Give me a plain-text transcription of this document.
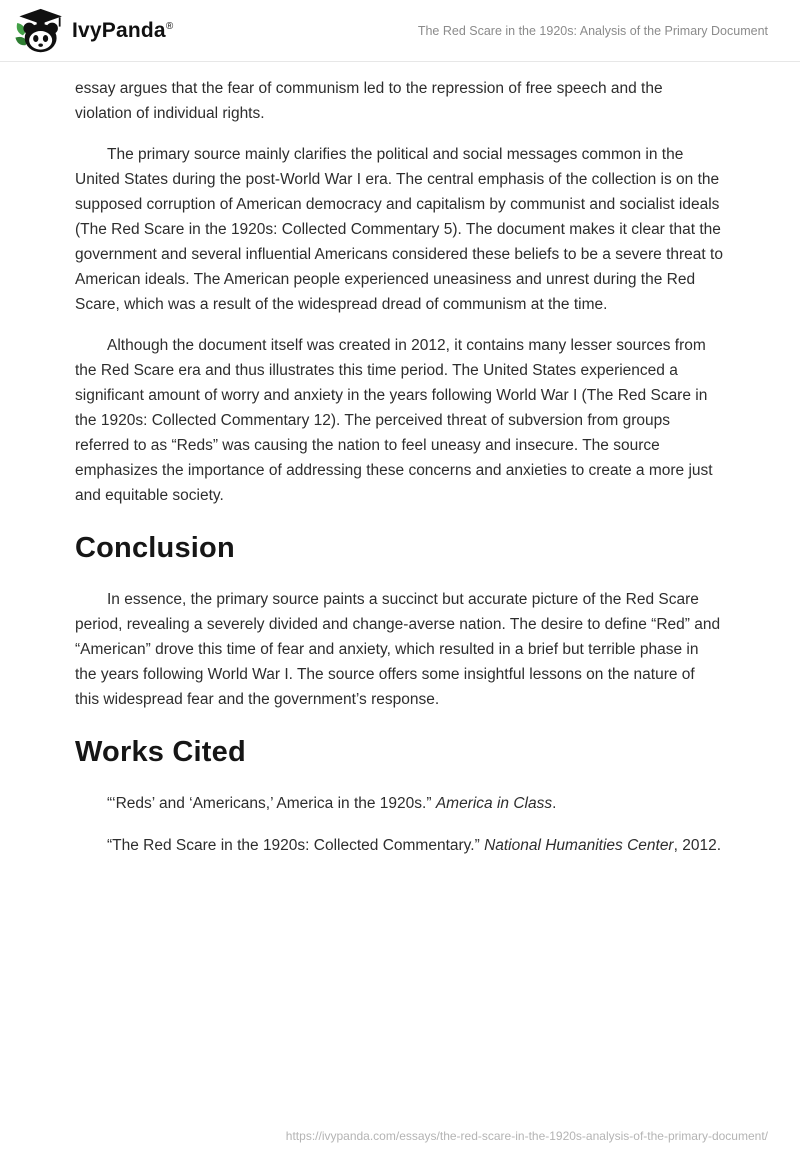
IvyPanda®	The Red Scare in the 1920s: Analysis of the Primary Document

essay argues that the fear of communism led to the repression of free speech and the violation of individual rights.

The primary source mainly clarifies the political and social messages common in the United States during the post-World War I era. The central emphasis of the collection is on the supposed corruption of American democracy and capitalism by communist and socialist ideals (The Red Scare in the 1920s: Collected Commentary 5). The document makes it clear that the government and several influential Americans considered these beliefs to be a severe threat to American ideals. The American people experienced uneasiness and unrest during the Red Scare, which was a result of the widespread dread of communism at the time.

Although the document itself was created in 2012, it contains many lesser sources from the Red Scare era and thus illustrates this time period. The United States experienced a significant amount of worry and anxiety in the years following World War I (The Red Scare in the 1920s: Collected Commentary 12). The perceived threat of subversion from groups referred to as “Reds” was causing the nation to feel uneasy and insecure. The source emphasizes the importance of addressing these concerns and anxieties to create a more just and equitable society.

Conclusion

In essence, the primary source paints a succinct but accurate picture of the Red Scare period, revealing a severely divided and change-averse nation. The desire to define “Red” and “American” drove this time of fear and anxiety, which resulted in a brief but terrible phase in the years following World War I. The source offers some insightful lessons on the nature of this widespread fear and the government’s response.

Works Cited

“‘Reds’ and ‘Americans,’ America in the 1920s.” America in Class.

“The Red Scare in the 1920s: Collected Commentary.” National Humanities Center, 2012.

https://ivypanda.com/essays/the-red-scare-in-the-1920s-analysis-of-the-primary-document/
